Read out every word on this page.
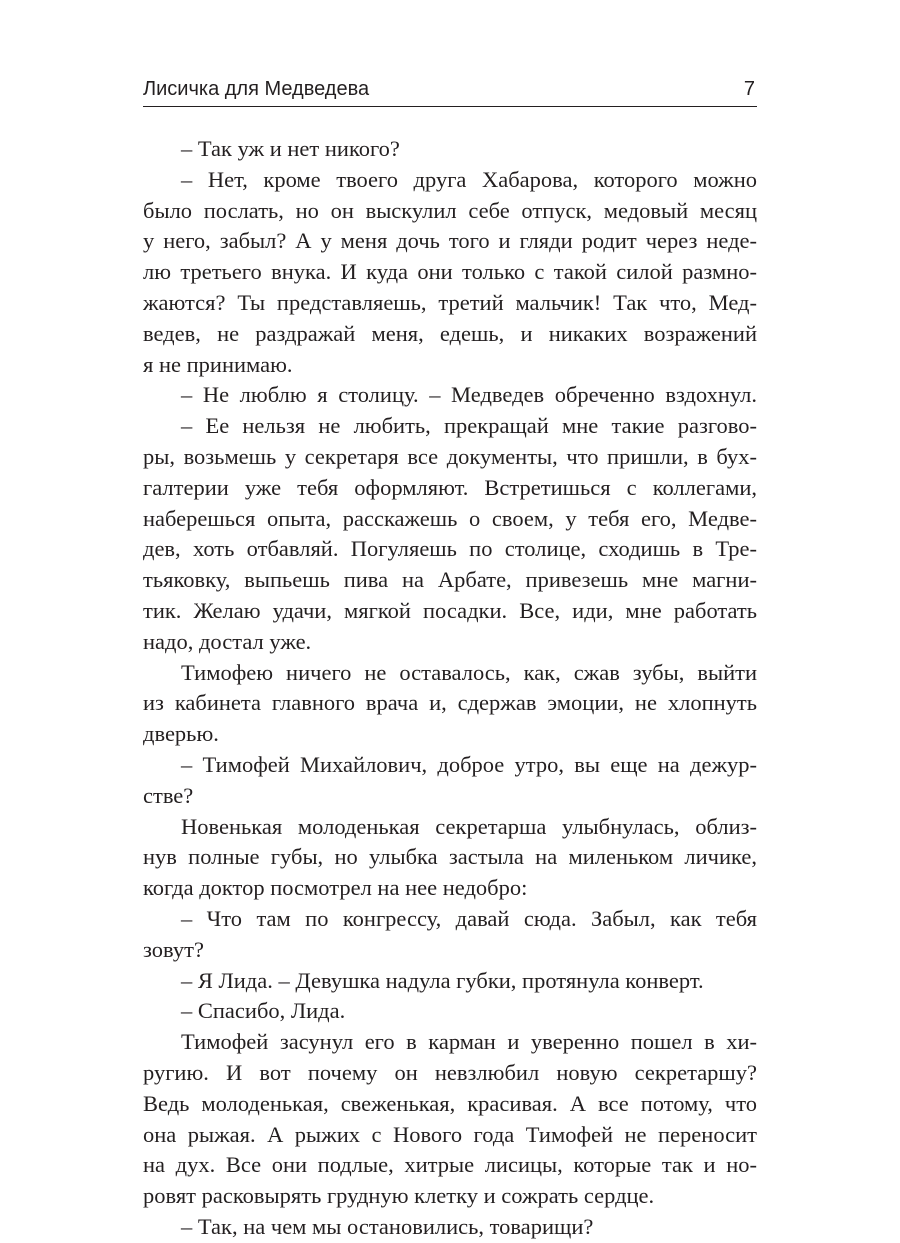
Лисичка для Медведева	7
– Так уж и нет никого?
– Нет, кроме твоего друга Хабарова, которого можно
было послать, но он выскулил себе отпуск, медовый месяц
у него, забыл? А у меня дочь того и гляди родит через неде-
лю третьего внука. И куда они только с такой силой размно-
жаются? Ты представляешь, третий мальчик! Так что, Мед-
ведев, не раздражай меня, едешь, и никаких возражений
я не принимаю.
– Не люблю я столицу. – Медведев обреченно вздохнул.
– Ее нельзя не любить, прекращай мне такие разгово-
ры, возьмешь у секретаря все документы, что пришли, в бух-
галтерии уже тебя оформляют. Встретишься с коллегами,
наберешься опыта, расскажешь о своем, у тебя его, Медве-
дев, хоть отбавляй. Погуляешь по столице, сходишь в Тре-
тьяковку, выпьешь пива на Арбате, привезешь мне магни-
тик. Желаю удачи, мягкой посадки. Все, иди, мне работать
надо, достал уже.
Тимофею ничего не оставалось, как, сжав зубы, выйти
из кабинета главного врача и, сдержав эмоции, не хлопнуть
дверью.
– Тимофей Михайлович, доброе утро, вы еще на дежур-
стве?
Новенькая молоденькая секретарша улыбнулась, облиз-
нув полные губы, но улыбка застыла на миленьком личике,
когда доктор посмотрел на нее недобро:
– Что там по конгрессу, давай сюда. Забыл, как тебя
зовут?
– Я Лида. – Девушка надула губки, протянула конверт.
– Спасибо, Лида.
Тимофей засунул его в карман и уверенно пошел в хи-
ругию. И вот почему он невзлюбил новую секретаршу?
Ведь молоденькая, свеженькая, красивая. А все потому, что
она рыжая. А рыжих с Нового года Тимофей не переносит
на дух. Все они подлые, хитрые лисицы, которые так и но-
ровят расковырять грудную клетку и сожрать сердце.
– Так, на чем мы остановились, товарищи?
